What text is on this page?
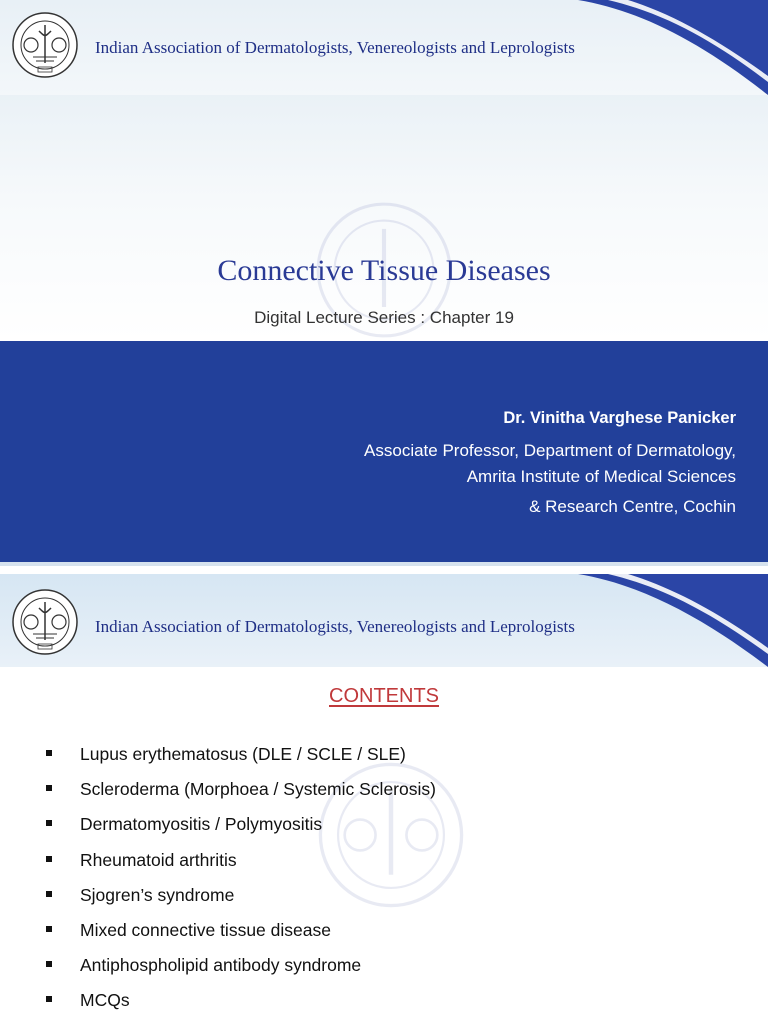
Indian Association of Dermatologists, Venereologists and Leprologists
Connective Tissue Diseases
Digital Lecture Series : Chapter 19
Dr. Vinitha Varghese Panicker
Associate Professor, Department of Dermatology,
Amrita Institute of Medical Sciences
& Research Centre, Cochin
Indian Association of Dermatologists, Venereologists and Leprologists
CONTENTS
Lupus erythematosus (DLE / SCLE / SLE)
Scleroderma (Morphoea / Systemic Sclerosis)
Dermatomyositis / Polymyositis
Rheumatoid arthritis
Sjogren’s syndrome
Mixed connective tissue disease
Antiphospholipid antibody syndrome
MCQs
